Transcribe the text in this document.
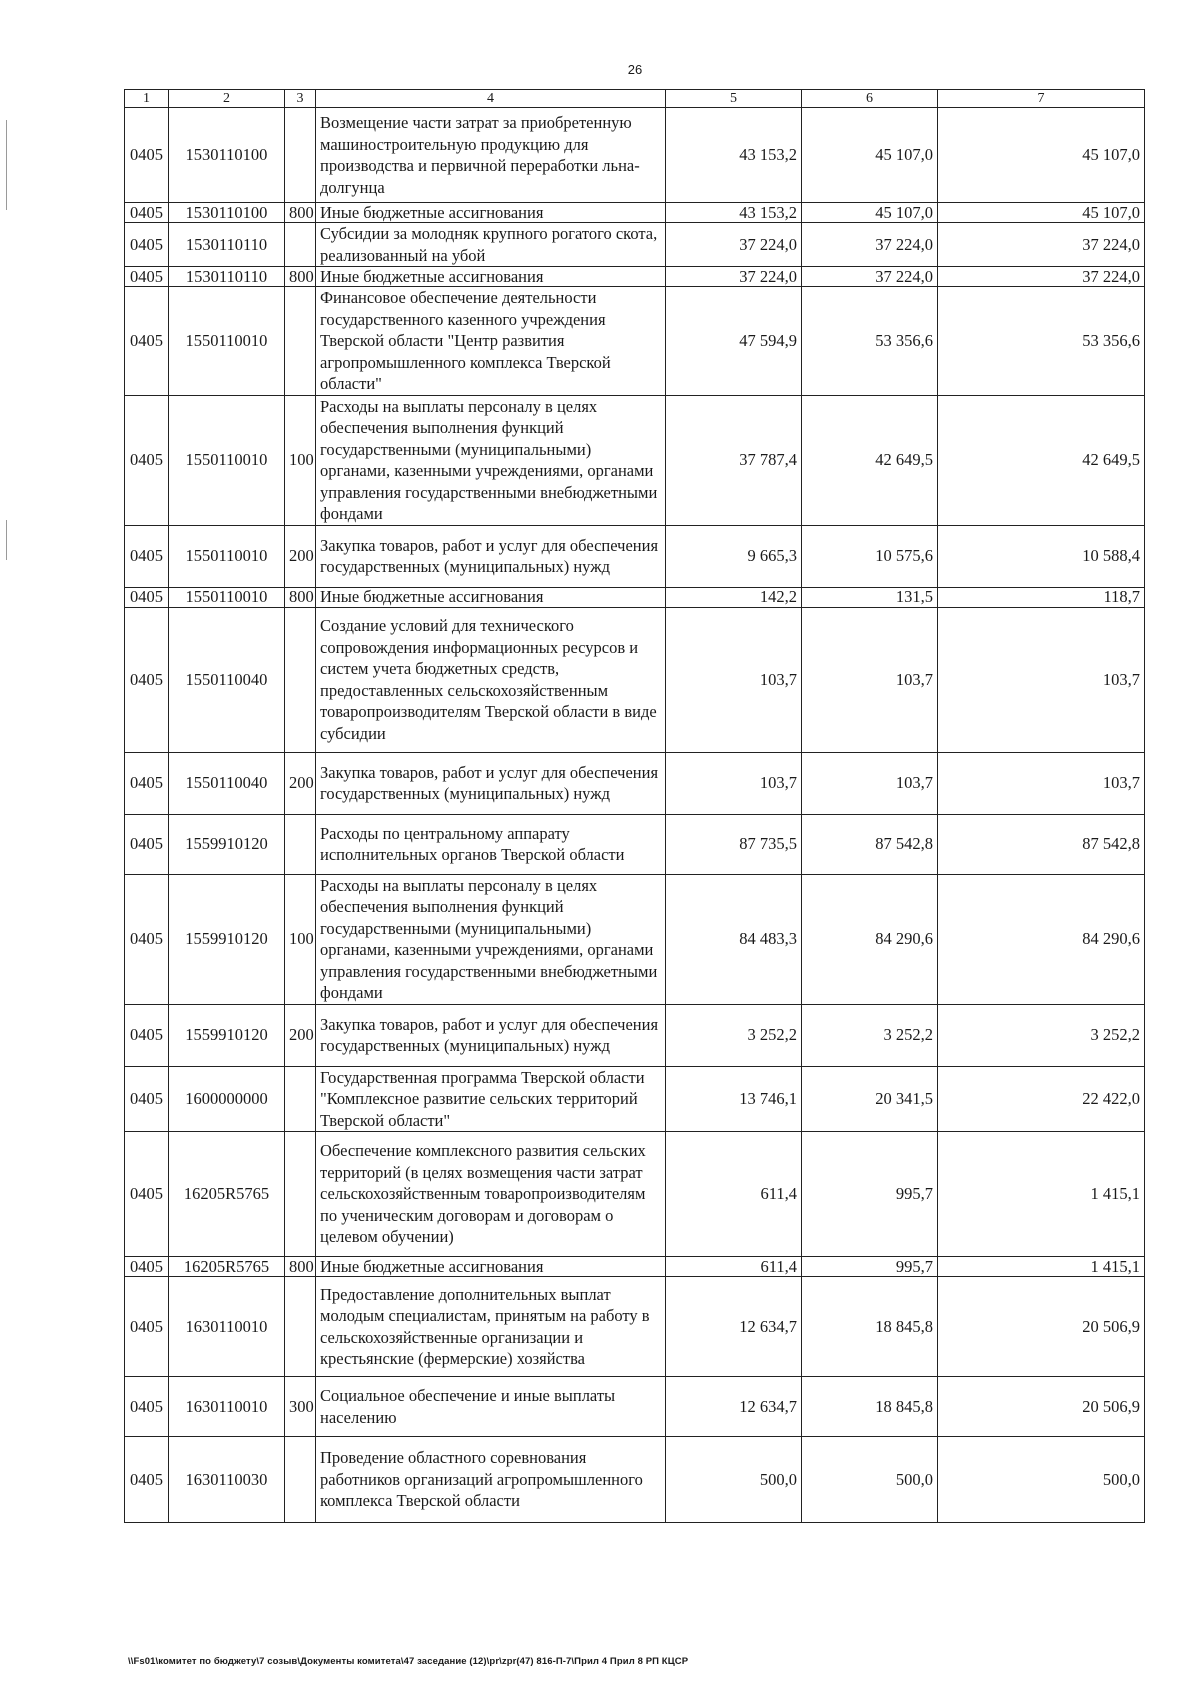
26
1	2	3	4	5	6	7
0405	1530110100		Возмещение части затрат за приобретенную машиностроительную продукцию для производства и первичной переработки льна-долгунца	43 153,2	45 107,0	45 107,0
0405	1530110100	800	Иные бюджетные ассигнования	43 153,2	45 107,0	45 107,0
0405	1530110110		Субсидии за молодняк крупного рогатого скота, реализованный на убой	37 224,0	37 224,0	37 224,0
0405	1530110110	800	Иные бюджетные ассигнования	37 224,0	37 224,0	37 224,0
0405	1550110010		Финансовое обеспечение деятельности государственного казенного учреждения Тверской области "Центр развития агропромышленного комплекса Тверской области"	47 594,9	53 356,6	53 356,6
0405	1550110010	100	Расходы на выплаты персоналу в целях обеспечения выполнения функций государственными (муниципальными) органами, казенными учреждениями, органами управления государственными внебюджетными фондами	37 787,4	42 649,5	42 649,5
0405	1550110010	200	Закупка товаров, работ и услуг для обеспечения государственных (муниципальных) нужд	9 665,3	10 575,6	10 588,4
0405	1550110010	800	Иные бюджетные ассигнования	142,2	131,5	118,7
0405	1550110040		Создание условий для технического сопровождения информационных ресурсов и систем учета бюджетных средств, предоставленных сельскохозяйственным товаропроизводителям Тверской области в виде субсидии	103,7	103,7	103,7
0405	1550110040	200	Закупка товаров, работ и услуг для обеспечения государственных (муниципальных) нужд	103,7	103,7	103,7
0405	1559910120		Расходы по центральному аппарату исполнительных органов Тверской области	87 735,5	87 542,8	87 542,8
0405	1559910120	100	Расходы на выплаты персоналу в целях обеспечения выполнения функций государственными (муниципальными) органами, казенными учреждениями, органами управления государственными внебюджетными фондами	84 483,3	84 290,6	84 290,6
0405	1559910120	200	Закупка товаров, работ и услуг для обеспечения государственных (муниципальных) нужд	3 252,2	3 252,2	3 252,2
0405	1600000000		Государственная программа Тверской области "Комплексное развитие сельских территорий Тверской области"	13 746,1	20 341,5	22 422,0
0405	16205R5765		Обеспечение комплексного развития сельских территорий (в целях возмещения части затрат сельскохозяйственным товаропроизводителям по ученическим договорам и договорам о целевом обучении)	611,4	995,7	1 415,1
0405	16205R5765	800	Иные бюджетные ассигнования	611,4	995,7	1 415,1
0405	1630110010		Предоставление дополнительных выплат молодым специалистам, принятым на работу в сельскохозяйственные организации и крестьянские (фермерские) хозяйства	12 634,7	18 845,8	20 506,9
0405	1630110010	300	Социальное обеспечение и иные выплаты населению	12 634,7	18 845,8	20 506,9
0405	1630110030		Проведение областного соревнования работников организаций агропромышленного комплекса Тверской области	500,0	500,0	500,0
\\Fs01\комитет по бюджету\7 созыв\Документы комитета\47 заседание (12)\pr\zpr(47) 816-П-7\Прил 4 Прил 8 РП КЦСР
